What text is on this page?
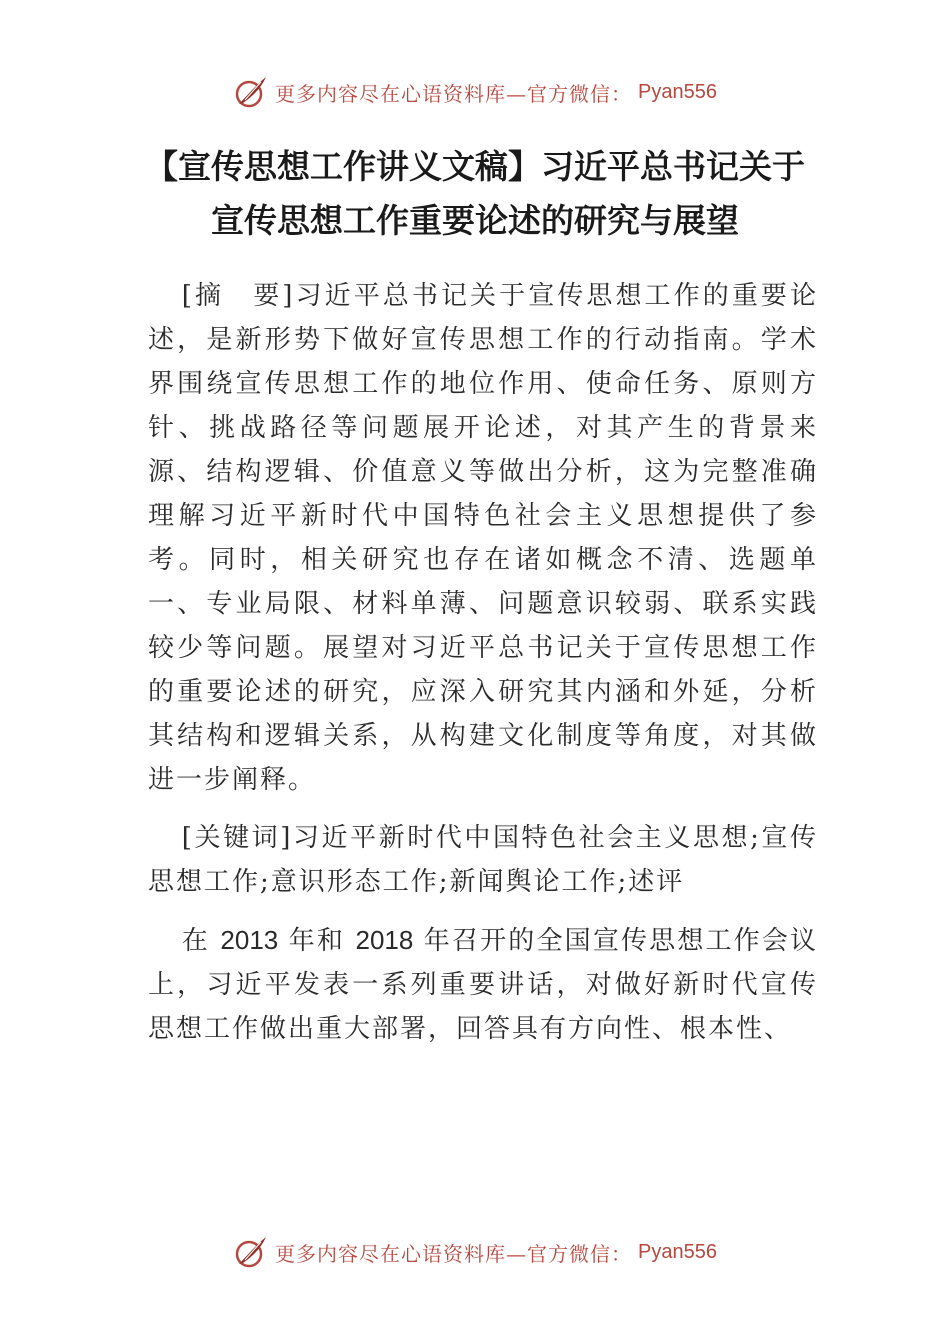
更多内容尽在心语资料库—官方微信： Pyan556
【宣传思想工作讲义文稿】习近平总书记关于
宣传思想工作重要论述的研究与展望

[摘　要]习近平总书记关于宣传思想工作的重要论述，是新形势下做好宣传思想工作的行动指南。学术界围绕宣传思想工作的地位作用、使命任务、原则方针、挑战路径等问题展开论述，对其产生的背景来源、结构逻辑、价值意义等做出分析，这为完整准确理解习近平新时代中国特色社会主义思想提供了参考。同时，相关研究也存在诸如概念不清、选题单一、专业局限、材料单薄、问题意识较弱、联系实践较少等问题。展望对习近平总书记关于宣传思想工作的重要论述的研究，应深入研究其内涵和外延，分析其结构和逻辑关系，从构建文化制度等角度，对其做进一步阐释。

[关键词]习近平新时代中国特色社会主义思想;宣传思想工作;意识形态工作;新闻舆论工作;述评

在 2013 年和 2018 年召开的全国宣传思想工作会议上，习近平发表一系列重要讲话，对做好新时代宣传思想工作做出重大部署，回答具有方向性、根本性、

更多内容尽在心语资料库—官方微信： Pyan556
